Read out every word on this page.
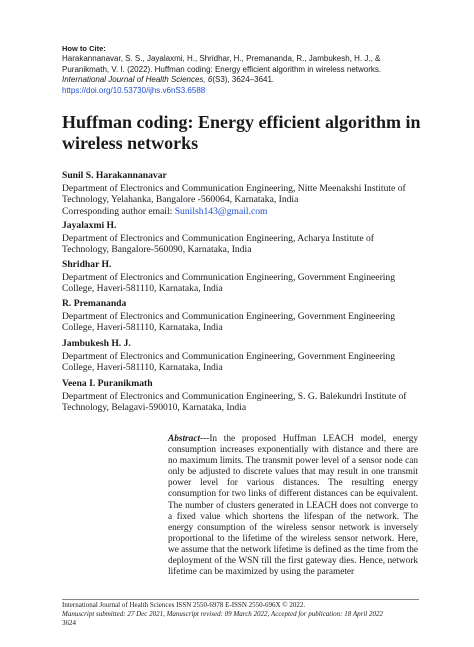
How to Cite:
Harakannanavar, S. S., Jayalaxmi, H., Shridhar, H., Premananda, R., Jambukesh, H. J., & Puranikmath, V. I. (2022). Huffman coding: Energy efficient algorithm in wireless networks. International Journal of Health Sciences, 6(S3), 3624–3641.
https://doi.org/10.53730/ijhs.v6nS3.6588
Huffman coding: Energy efficient algorithm in wireless networks
Sunil S. Harakannanavar
Department of Electronics and Communication Engineering, Nitte Meenakshi Institute of Technology, Yelahanka, Bangalore -560064, Karnataka, India
Corresponding author email: Sunilsh143@gmail.com
Jayalaxmi H.
Department of Electronics and Communication Engineering, Acharya Institute of Technology, Bangalore-560090, Karnataka, India
Shridhar H.
Department of Electronics and Communication Engineering, Government Engineering College, Haveri-581110, Karnataka, India
R. Premananda
Department of Electronics and Communication Engineering, Government Engineering College, Haveri-581110, Karnataka, India
Jambukesh H. J.
Department of Electronics and Communication Engineering, Government Engineering College, Haveri-581110, Karnataka, India
Veena I. Puranikmath
Department of Electronics and Communication Engineering, S. G. Balekundri Institute of Technology, Belagavi-590010, Karnataka, India
Abstract---In the proposed Huffman LEACH model, energy consumption increases exponentially with distance and there are no maximum limits. The transmit power level of a sensor node can only be adjusted to discrete values that may result in one transmit power level for various distances. The resulting energy consumption for two links of different distances can be equivalent. The number of clusters generated in LEACH does not converge to a fixed value which shortens the lifespan of the network. The energy consumption of the wireless sensor network is inversely proportional to the lifetime of the wireless sensor network. Here, we assume that the network lifetime is defined as the time from the deployment of the WSN till the first gateway dies. Hence, network lifetime can be maximized by using the parameter
International Journal of Health Sciences ISSN 2550-6978 E-ISSN 2550-696X © 2022.
Manuscript submitted: 27 Dec 2021, Manuscript revised: 09 March 2022, Accepted for publication: 18 April 2022
3624
